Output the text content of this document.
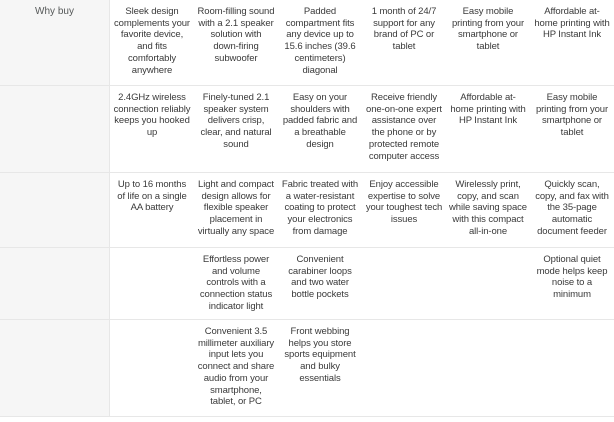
Why buy	Sleek design complements your favorite device, and fits comfortably anywhere
Room-filling sound with a 2.1 speaker solution with down-firing subwoofer
Padded compartment fits any device up to 15.6 inches (39.6 centimeters) diagonal
1 month of 24/7 support for any brand of PC or tablet
Easy mobile printing from your smartphone or tablet
Affordable at-home printing with HP Instant Ink
2.4GHz wireless connection reliably keeps you hooked up
Finely-tuned 2.1 speaker system delivers crisp, clear, and natural sound
Easy on your shoulders with padded fabric and a breathable design
Receive friendly one-on-one expert assistance over the phone or by protected remote computer access
Affordable at-home printing with HP Instant Ink
Easy mobile printing from your smartphone or tablet
Up to 16 months of life on a single AA battery
Light and compact design allows for flexible speaker placement in virtually any space
Fabric treated with a water-resistant coating to protect your electronics from damage
Enjoy accessible expertise to solve your toughest tech issues
Wirelessly print, copy, and scan while saving space with this compact all-in-one
Quickly scan, copy, and fax with the 35-page automatic document feeder
Effortless power and volume controls with a connection status indicator light
Convenient carabiner loops and two water bottle pockets
Optional quiet mode helps keep noise to a minimum
Convenient 3.5 millimeter auxiliary input lets you connect and share audio from your smartphone, tablet, or PC
Front webbing helps you store sports equipment and bulky essentials
